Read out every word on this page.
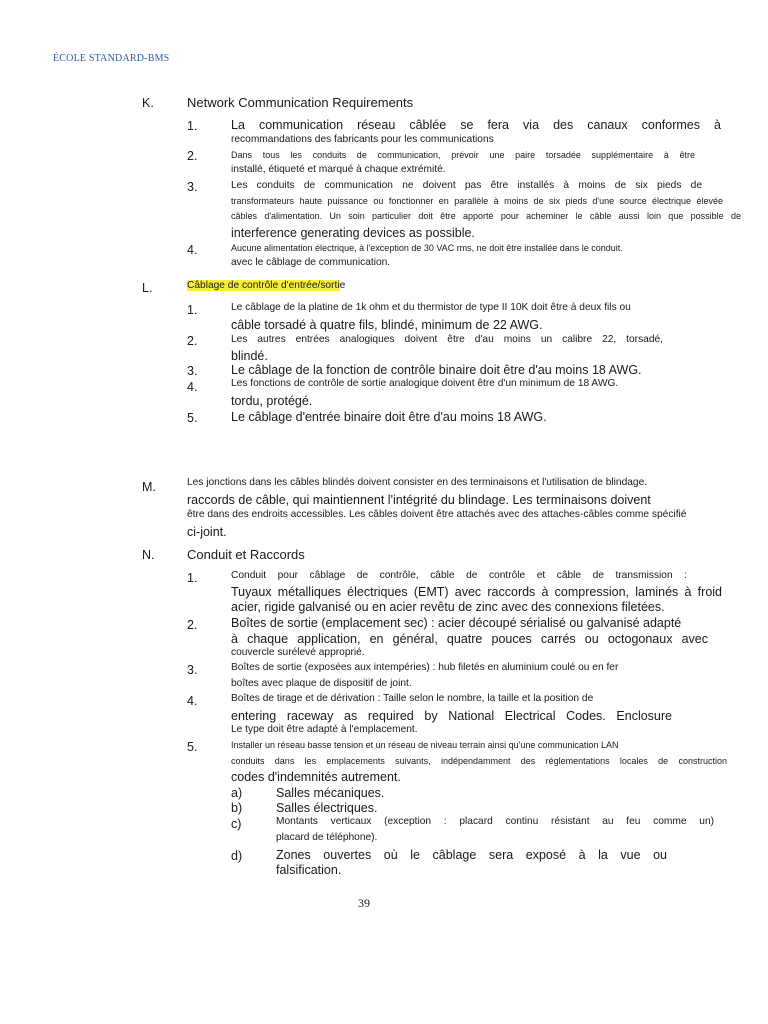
ÉCOLE STANDARD-BMS
K.	Network Communication Requirements
1.	La communication réseau câblée se fera via des canaux conformes à
recommandations des fabricants pour les communications
2.	Dans tous les conduits de communication, prévoir une paire torsadée supplémentaire à être
installé, étiqueté et marqué à chaque extrémité.
3.	Les conduits de communication ne doivent pas être installés à moins de six pieds de
transformateurs haute puissance ou fonctionner en parallèle à moins de six pieds d'une source électrique élevée
câbles d'alimentation. Un soin particulier doit être apporté pour acheminer le câble aussi loin que possible de
interference generating devices as possible.
4.	Aucune alimentation électrique, à l'exception de 30 VAC rms, ne doit être installée dans le conduit.
avec le câblage de communication.
L.	Câblage de contrôle d'entrée/sortie
1.	Le câblage de la platine de 1k ohm et du thermistor de type II 10K doit être à deux fils ou
câble torsadé à quatre fils, blindé, minimum de 22 AWG.
2.	Les autres entrées analogiques doivent être d'au moins un calibre 22, torsadé,
blindé.
3.	Le câblage de la fonction de contrôle binaire doit être d'au moins 18 AWG.
4.	Les fonctions de contrôle de sortie analogique doivent être d'un minimum de 18 AWG.
tordu, protégé.
5.	Le câblage d'entrée binaire doit être d'au moins 18 AWG.
M.	Les jonctions dans les câbles blindés doivent consister en des terminaisons et l'utilisation de blindage.
raccords de câble, qui maintiennent l'intégrité du blindage. Les terminaisons doivent
être dans des endroits accessibles. Les câbles doivent être attachés avec des attaches-câbles comme spécifié
ci-joint.
N.	Conduit et Raccords
1.	Conduit pour câblage de contrôle, câble de contrôle et câble de transmission :
Tuyaux métalliques électriques (EMT) avec raccords à compression, laminés à froid
acier, rigide galvanisé ou en acier revêtu de zinc avec des connexions filetées.
2.	Boîtes de sortie (emplacement sec) : acier découpé sérialisé ou galvanisé adapté
à chaque application, en général, quatre pouces carrés ou octogonaux avec
couvercle surélevé approprié.
3.	Boîtes de sortie (exposées aux intempéries) : hub filetés en aluminium coulé ou en fer
boîtes avec plaque de dispositif de joint.
4.	Boîtes de tirage et de dérivation : Taille selon le nombre, la taille et la position de
entering raceway as required by National Electrical Codes. Enclosure
Le type doit être adapté à l'emplacement.
5.	Installer un réseau basse tension et un réseau de niveau terrain ainsi qu'une communication LAN
conduits dans les emplacements suivants, indépendamment des réglementations locales de construction
codes d'indemnités autrement.
a)	Salles mécaniques.
b)	Salles électriques.
c)	Montants verticaux (exception : placard continu résistant au feu comme un)
placard de téléphone).
d)	Zones ouvertes où le câblage sera exposé à la vue ou
falsification.
39
